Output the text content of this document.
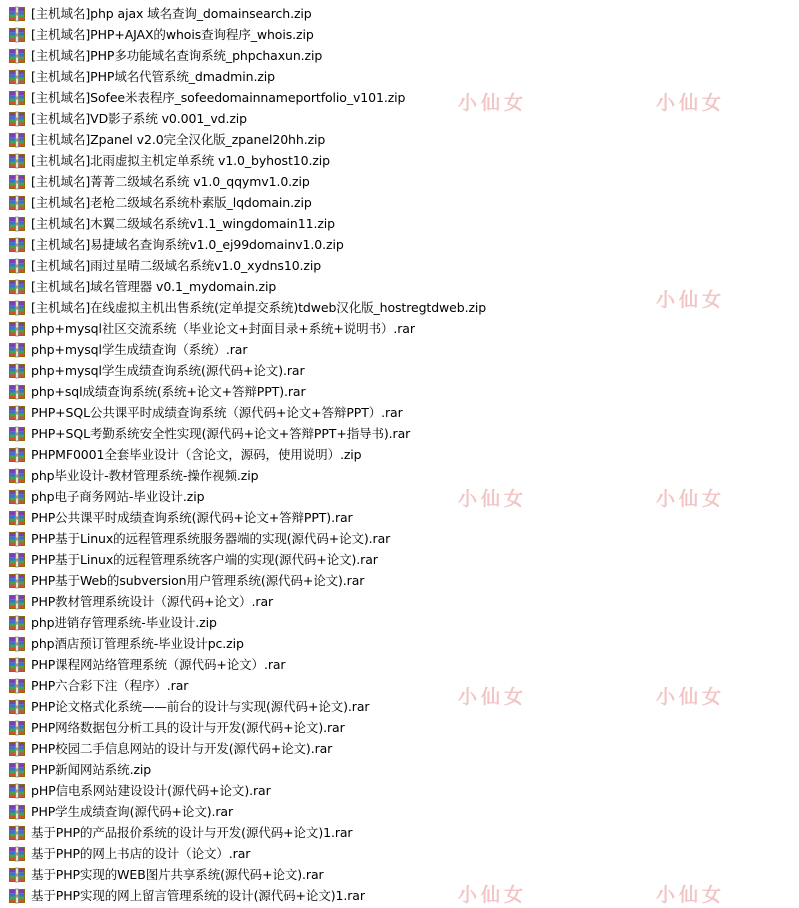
小仙女	小仙女
小仙女
小仙女	小仙女
小仙女	小仙女
小仙女	小仙女
[主机域名]php ajax 域名查询_domainsearch.zip
[主机域名]PHP+AJAX的whois查询程序_whois.zip
[主机域名]PHP多功能域名查询系统_phpchaxun.zip
[主机域名]PHP域名代管系统_dmadmin.zip
[主机域名]Sofee米表程序_sofeedomainnameportfolio_v101.zip
[主机域名]VD影子系统 v0.001_vd.zip
[主机域名]Zpanel v2.0完全汉化版_zpanel20hh.zip
[主机域名]北雨虚拟主机定单系统 v1.0_byhost10.zip
[主机域名]菁菁二级域名系统 v1.0_qqymv1.0.zip
[主机域名]老枪二级域名系统朴素版_lqdomain.zip
[主机域名]木翼二级域名系统v1.1_wingdomain11.zip
[主机域名]易捷域名查询系统v1.0_ej99domainv1.0.zip
[主机域名]雨过星晴二级域名系统v1.0_xydns10.zip
[主机域名]域名管理器 v0.1_mydomain.zip
[主机域名]在线虚拟主机出售系统(定单提交系统)tdweb汉化版_hostregtdweb.zip
php+mysql社区交流系统（毕业论文+封面目录+系统+说明书）.rar
php+mysql学生成绩查询（系统）.rar
php+mysql学生成绩查询系统(源代码+论文).rar
php+sql成绩查询系统(系统+论文+答辩PPT).rar
PHP+SQL公共课平时成绩查询系统（源代码+论文+答辩PPT）.rar
PHP+SQL考勤系统安全性实现(源代码+论文+答辩PPT+指导书).rar
PHPMF0001全套毕业设计（含论文，源码，使用说明）.zip
php毕业设计-教材管理系统-操作视频.zip
php电子商务网站-毕业设计.zip
PHP公共课平时成绩查询系统(源代码+论文+答辩PPT).rar
PHP基于Linux的远程管理系统服务器端的实现(源代码+论文).rar
PHP基于Linux的远程管理系统客户端的实现(源代码+论文).rar
PHP基于Web的subversion用户管理系统(源代码+论文).rar
PHP教材管理系统设计（源代码+论文）.rar
php进销存管理系统-毕业设计.zip
php酒店预订管理系统-毕业设计pc.zip
PHP课程网站络管理系统（源代码+论文）.rar
PHP六合彩下注（程序）.rar
PHP论文格式化系统——前台的设计与实现(源代码+论文).rar
PHP网络数据包分析工具的设计与开发(源代码+论文).rar
PHP校园二手信息网站的设计与开发(源代码+论文).rar
PHP新闻网站系统.zip
pHP信电系网站建设设计(源代码+论文).rar
PHP学生成绩查询(源代码+论文).rar
基于PHP的产品报价系统的设计与开发(源代码+论文)1.rar
基于PHP的网上书店的设计（论文）.rar
基于PHP实现的WEB图片共享系统(源代码+论文).rar
基于PHP实现的网上留言管理系统的设计(源代码+论文)1.rar
